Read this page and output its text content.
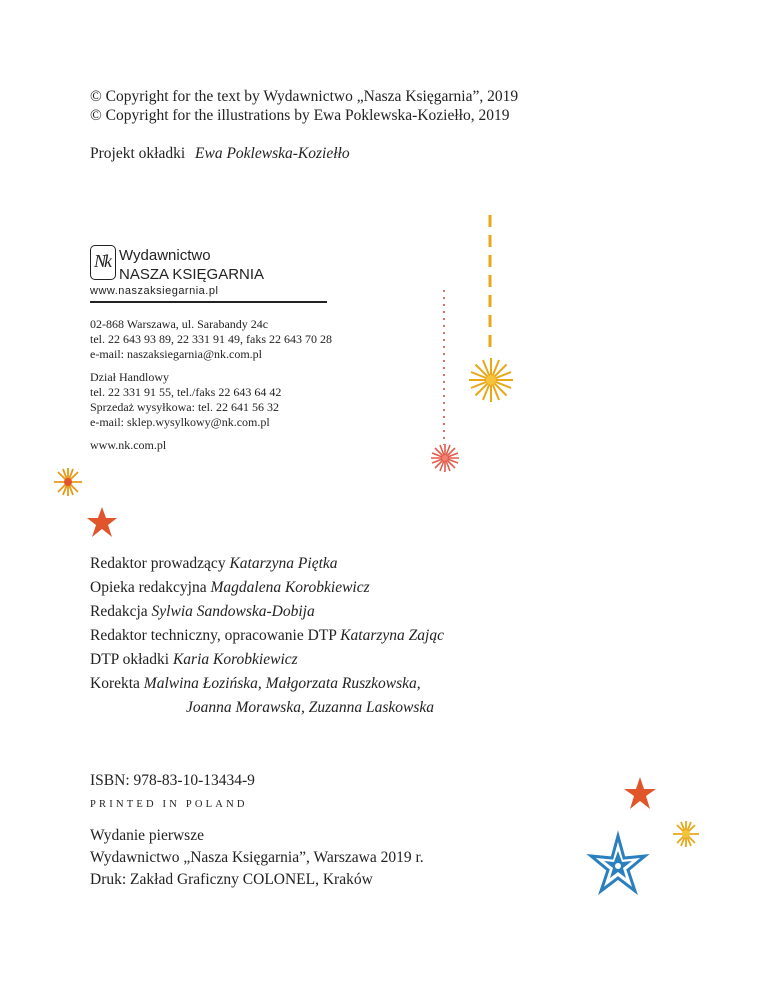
© Copyright for the text by Wydawnictwo „Nasza Księgarnia”, 2019
© Copyright for the illustrations by Ewa Poklewska-Koziełło, 2019
Projekt okładki Ewa Poklewska-Koziełło
Nk Wydawnictwo
NASZA KSIĘGARNIA
www.naszaksiegarnia.pl
02-868 Warszawa, ul. Sarabandy 24c
tel. 22 643 93 89, 22 331 91 49, faks 22 643 70 28
e-mail: naszaksiegarnia@nk.com.pl
Dział Handlowy
tel. 22 331 91 55, tel./faks 22 643 64 42
Sprzedaż wysyłkowa: tel. 22 641 56 32
e-mail: sklep.wysylkowy@nk.com.pl
www.nk.com.pl
Redaktor prowadzący Katarzyna Piętka
Opieka redakcyjna Magdalena Korobkiewicz
Redakcja Sylwia Sandowska-Dobija
Redaktor techniczny, opracowanie DTP Katarzyna Zając
DTP okładki Karia Korobkiewicz
Korekta Malwina Łozińska, Małgorzata Ruszkowska,
Joanna Morawska, Zuzanna Laskowska
ISBN: 978-83-10-13434-9
PRINTED IN POLAND
Wydanie pierwsze
Wydawnictwo „Nasza Księgarnia”, Warszawa 2019 r.
Druk: Zakład Graficzny COLONEL, Kraków
